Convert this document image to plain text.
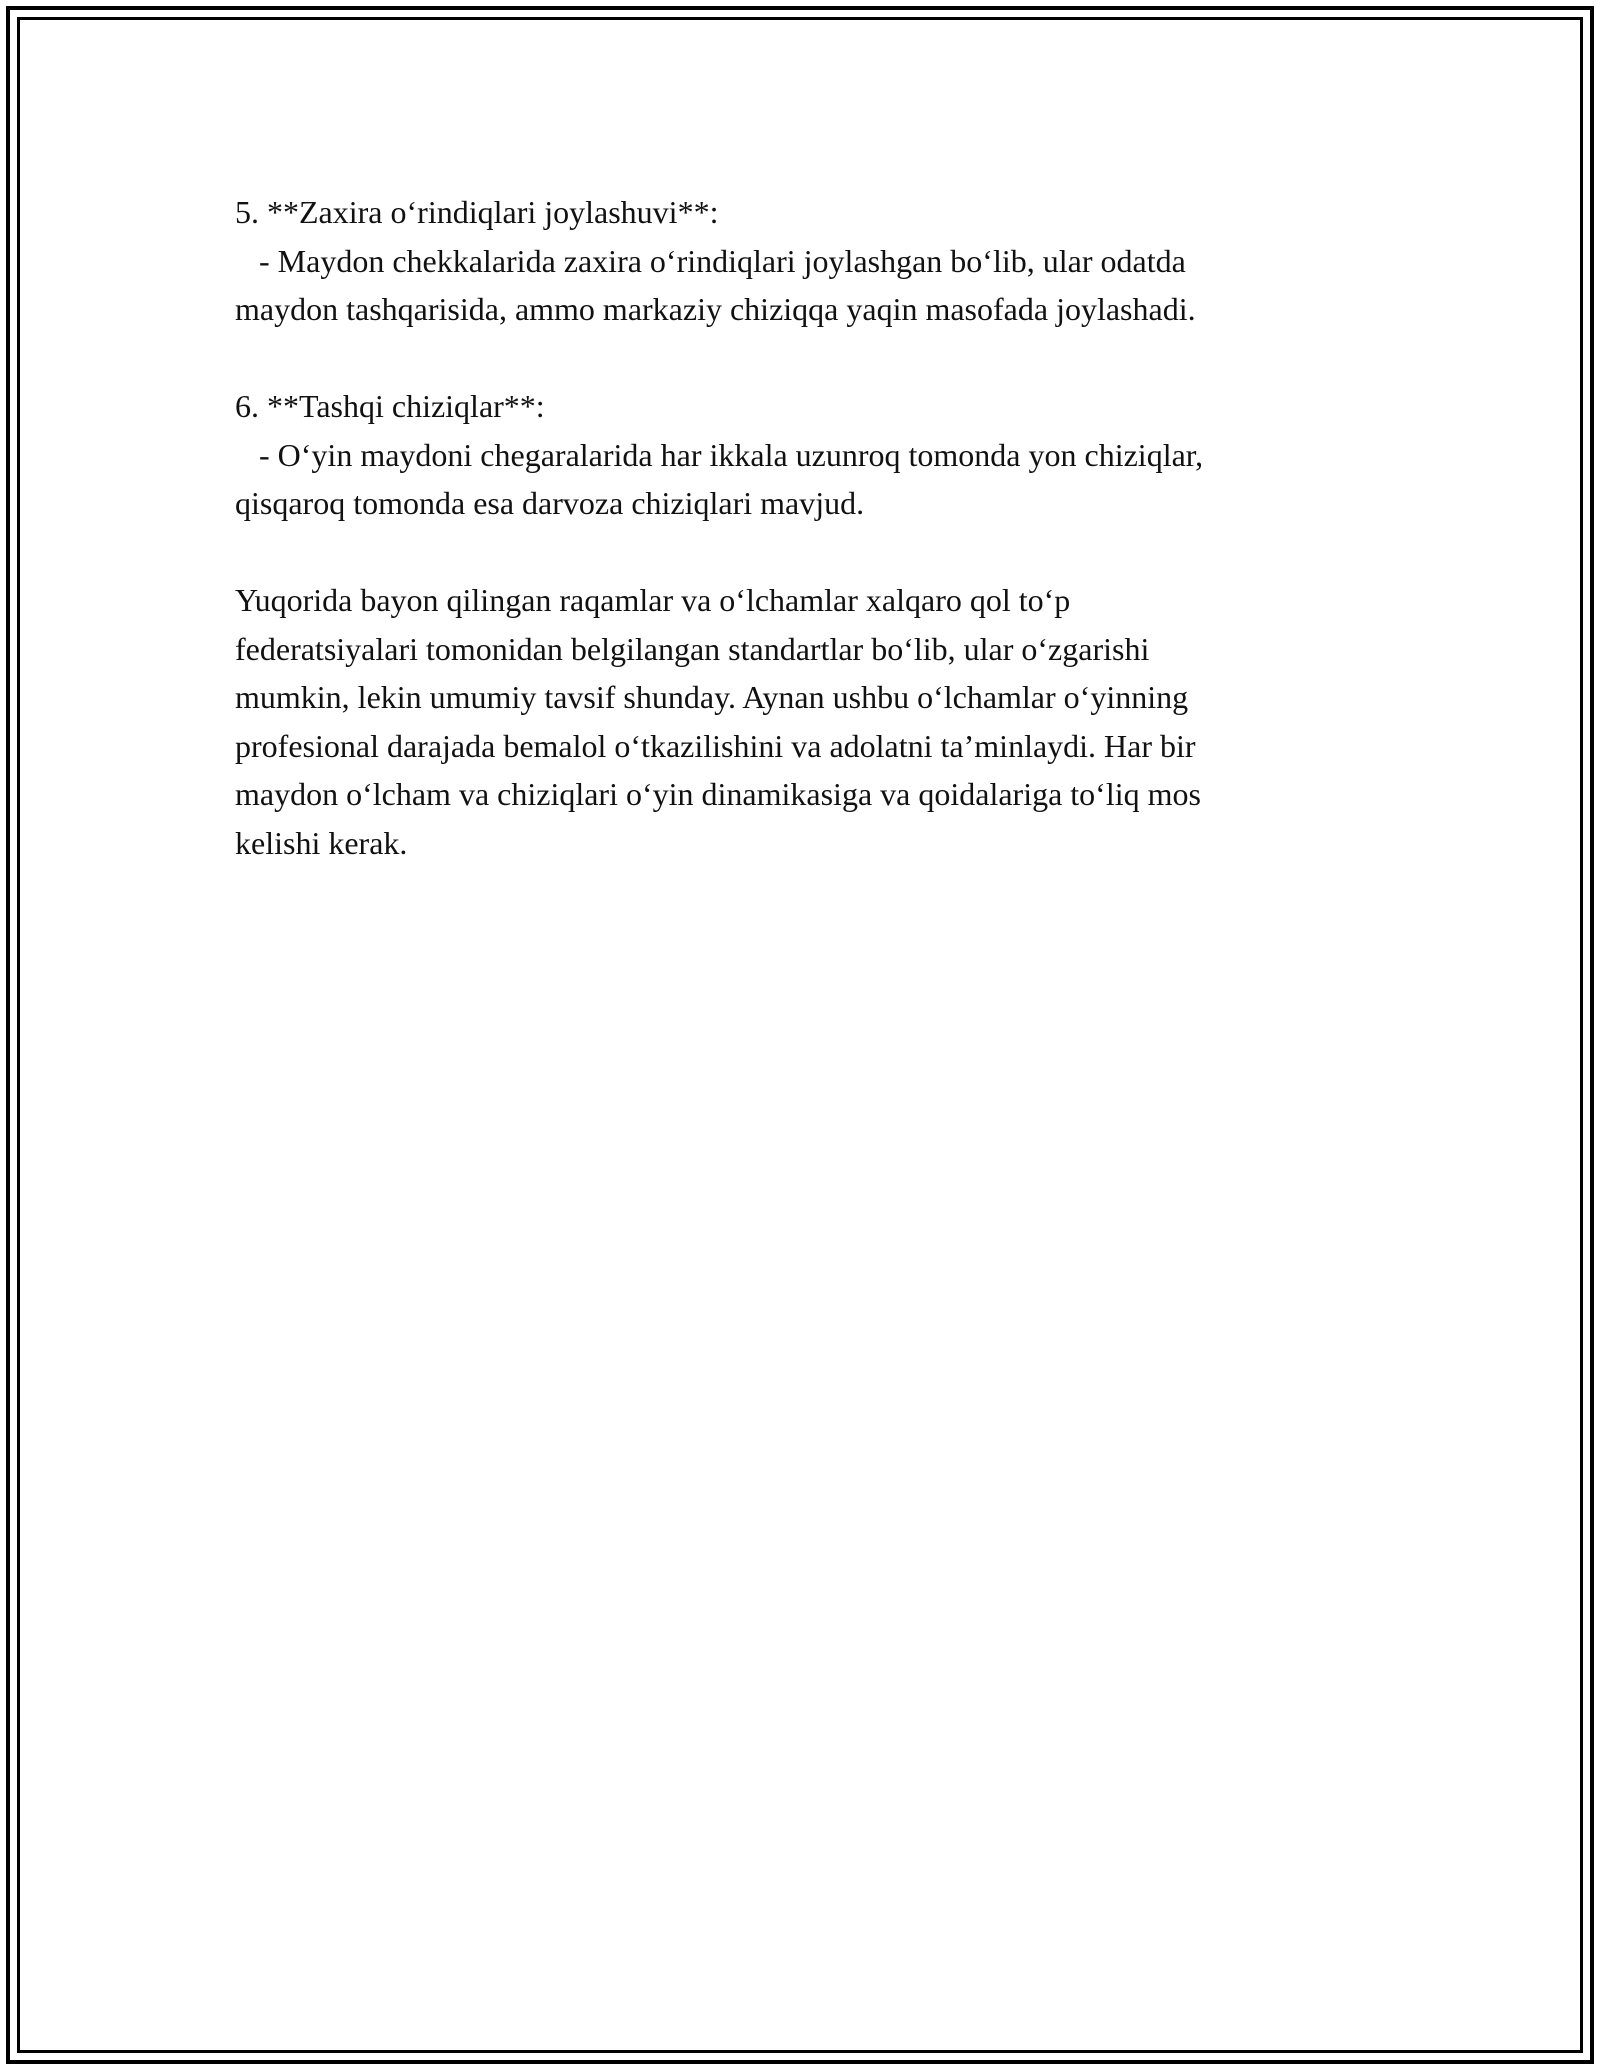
5. **Zaxira o‘rindiqlari joylashuvi**:
- Maydon chekkalarida zaxira o‘rindiqlari joylashgan bo‘lib, ular odatda
maydon tashqarisida, ammo markaziy chiziqqa yaqin masofada joylashadi.
6. **Tashqi chiziqlar**:
- O‘yin maydoni chegaralarida har ikkala uzunroq tomonda yon chiziqlar,
qisqaroq tomonda esa darvoza chiziqlari mavjud.
Yuqorida bayon qilingan raqamlar va o‘lchamlar xalqaro qol to‘p
federatsiyalari tomonidan belgilangan standartlar bo‘lib, ular o‘zgarishi
mumkin, lekin umumiy tavsif shunday. Aynan ushbu o‘lchamlar o‘yinning
profesional darajada bemalol o‘tkazilishini va adolatni ta’minlaydi. Har bir
maydon o‘lcham va chiziqlari o‘yin dinamikasiga va qoidalariga to‘liq mos
kelishi kerak.
